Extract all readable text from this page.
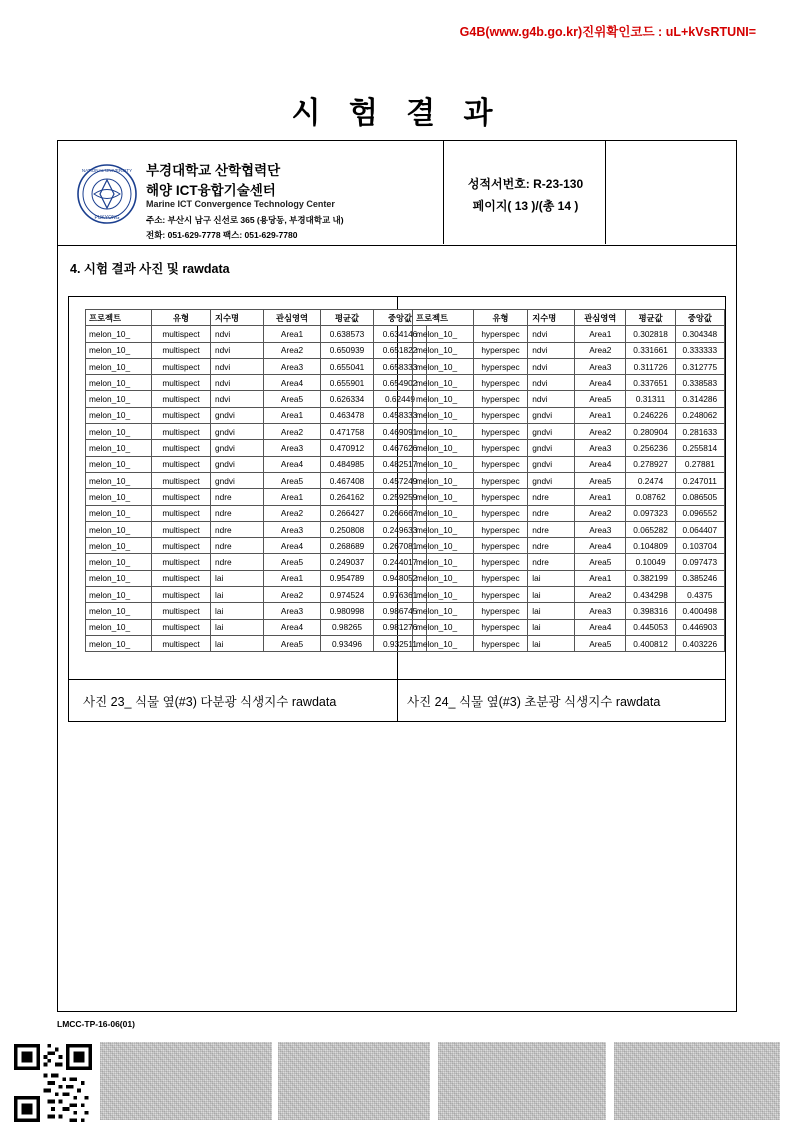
G4B(www.g4b.go.kr)진위확인코드 : uL+kVsRTUNI=
시 험 결 과
PUKYONG
NATIONAL UNIVERSITY 부경대학교 산학협력단
해양 ICT융합기술센터
Marine ICT Convergence Technology Center
주소: 부산시 남구 신선로 365 (용당동, 부경대학교 내)
전화: 051-629-7778 팩스: 051-629-7780
성적서번호: R-23-130
페이지( 13 )/(총 14 )
4. 시험 결과 사진 및 rawdata
프로젝트	유형	지수명	관심영역	평균값	중앙값
melon_10_	multispect	ndvi	Area1	0.638573	0.634146
melon_10_	multispect	ndvi	Area2	0.650939	0.651822
melon_10_	multispect	ndvi	Area3	0.655041	0.658333
melon_10_	multispect	ndvi	Area4	0.655901	0.654902
melon_10_	multispect	ndvi	Area5	0.626334	0.62449
melon_10_	multispect	gndvi	Area1	0.463478	0.458333
melon_10_	multispect	gndvi	Area2	0.471758	0.469091
melon_10_	multispect	gndvi	Area3	0.470912	0.467626
melon_10_	multispect	gndvi	Area4	0.484985	0.482517
melon_10_	multispect	gndvi	Area5	0.467408	0.457249
melon_10_	multispect	ndre	Area1	0.264162	0.259259
melon_10_	multispect	ndre	Area2	0.266427	0.266667
melon_10_	multispect	ndre	Area3	0.250808	0.249633
melon_10_	multispect	ndre	Area4	0.268689	0.267081
melon_10_	multispect	ndre	Area5	0.249037	0.244017
melon_10_	multispect	lai	Area1	0.954789	0.948052
melon_10_	multispect	lai	Area2	0.974524	0.976361
melon_10_	multispect	lai	Area3	0.980998	0.986745
melon_10_	multispect	lai	Area4	0.98265	0.981276
melon_10_	multispect	lai	Area5	0.93496	0.932511
프로젝트	유형	지수명	관심영역	평균값	중앙값
melon_10_	hyperspec	ndvi	Area1	0.302818	0.304348
melon_10_	hyperspec	ndvi	Area2	0.331661	0.333333
melon_10_	hyperspec	ndvi	Area3	0.311726	0.312775
melon_10_	hyperspec	ndvi	Area4	0.337651	0.338583
melon_10_	hyperspec	ndvi	Area5	0.31311	0.314286
melon_10_	hyperspec	gndvi	Area1	0.246226	0.248062
melon_10_	hyperspec	gndvi	Area2	0.280904	0.281633
melon_10_	hyperspec	gndvi	Area3	0.256236	0.255814
melon_10_	hyperspec	gndvi	Area4	0.278927	0.27881
melon_10_	hyperspec	gndvi	Area5	0.2474	0.247011
melon_10_	hyperspec	ndre	Area1	0.08762	0.086505
melon_10_	hyperspec	ndre	Area2	0.097323	0.096552
melon_10_	hyperspec	ndre	Area3	0.065282	0.064407
melon_10_	hyperspec	ndre	Area4	0.104809	0.103704
melon_10_	hyperspec	ndre	Area5	0.10049	0.097473
melon_10_	hyperspec	lai	Area1	0.382199	0.385246
melon_10_	hyperspec	lai	Area2	0.434298	0.4375
melon_10_	hyperspec	lai	Area3	0.398316	0.400498
melon_10_	hyperspec	lai	Area4	0.445053	0.446903
melon_10_	hyperspec	lai	Area5	0.400812	0.403226
사진 23_ 식물 옆(#3) 다분광 식생지수 rawdata	사진 24_ 식물 옆(#3) 초분광 식생지수 rawdata
LMCC-TP-16-06(01)
